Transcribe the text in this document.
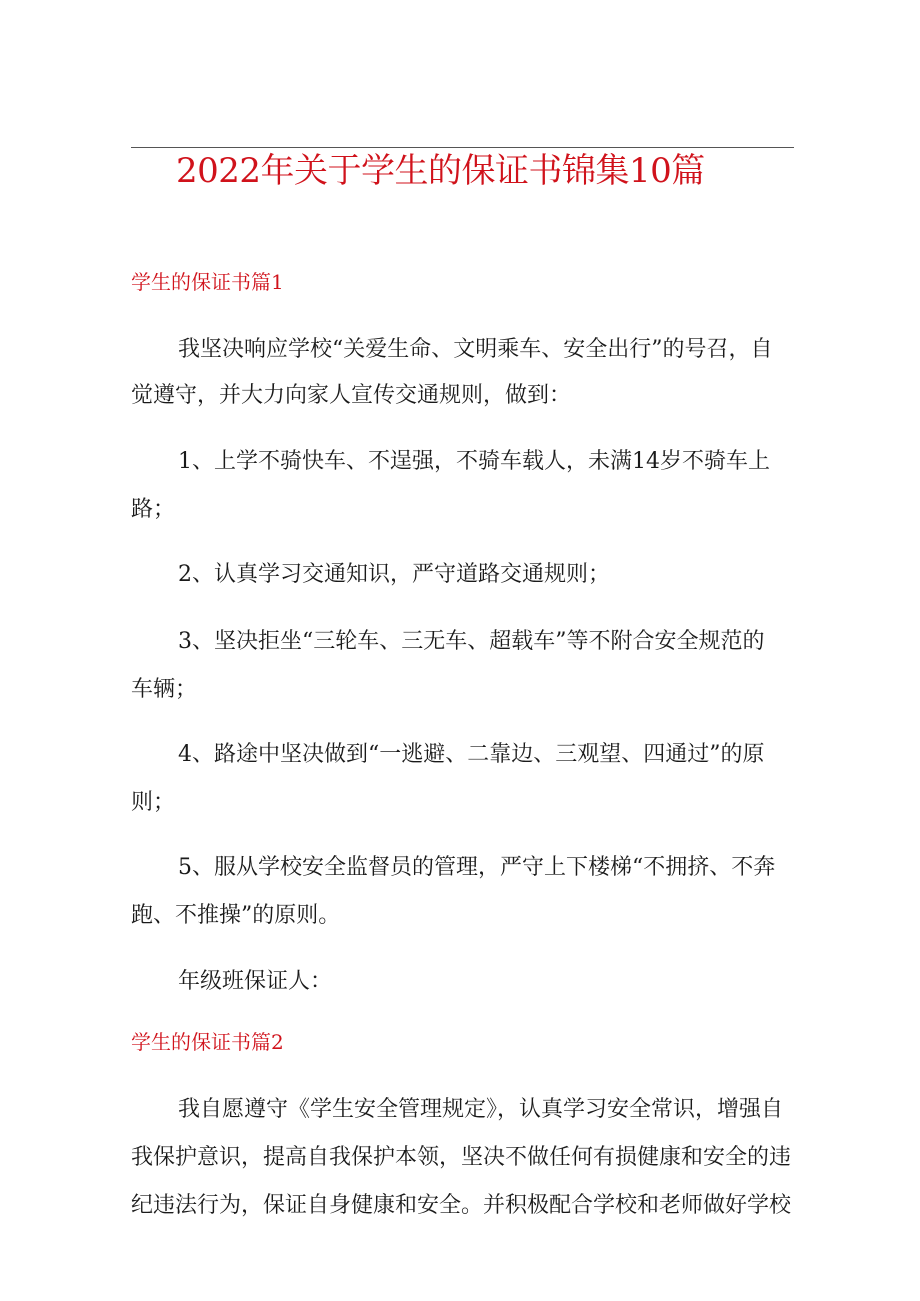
2022年关于学生的保证书锦集10篇
学生的保证书篇1
我坚决响应学校“关爱生命、文明乘车、安全出行”的号召，自
觉遵守，并大力向家人宣传交通规则，做到：
1、上学不骑快车、不逞强，不骑车载人，未满14岁不骑车上
路；
2、认真学习交通知识，严守道路交通规则；
3、坚决拒坐“三轮车、三无车、超载车”等不附合安全规范的
车辆；
4、路途中坚决做到“一逃避、二靠边、三观望、四通过”的原
则；
5、服从学校安全监督员的管理，严守上下楼梯“不拥挤、不奔
跑、不推操”的原则。
年级班保证人：
学生的保证书篇2
我自愿遵守《学生安全管理规定》，认真学习安全常识，增强自
我保护意识，提高自我保护本领，坚决不做任何有损健康和安全的违
纪违法行为，保证自身健康和安全。并积极配合学校和老师做好学校
